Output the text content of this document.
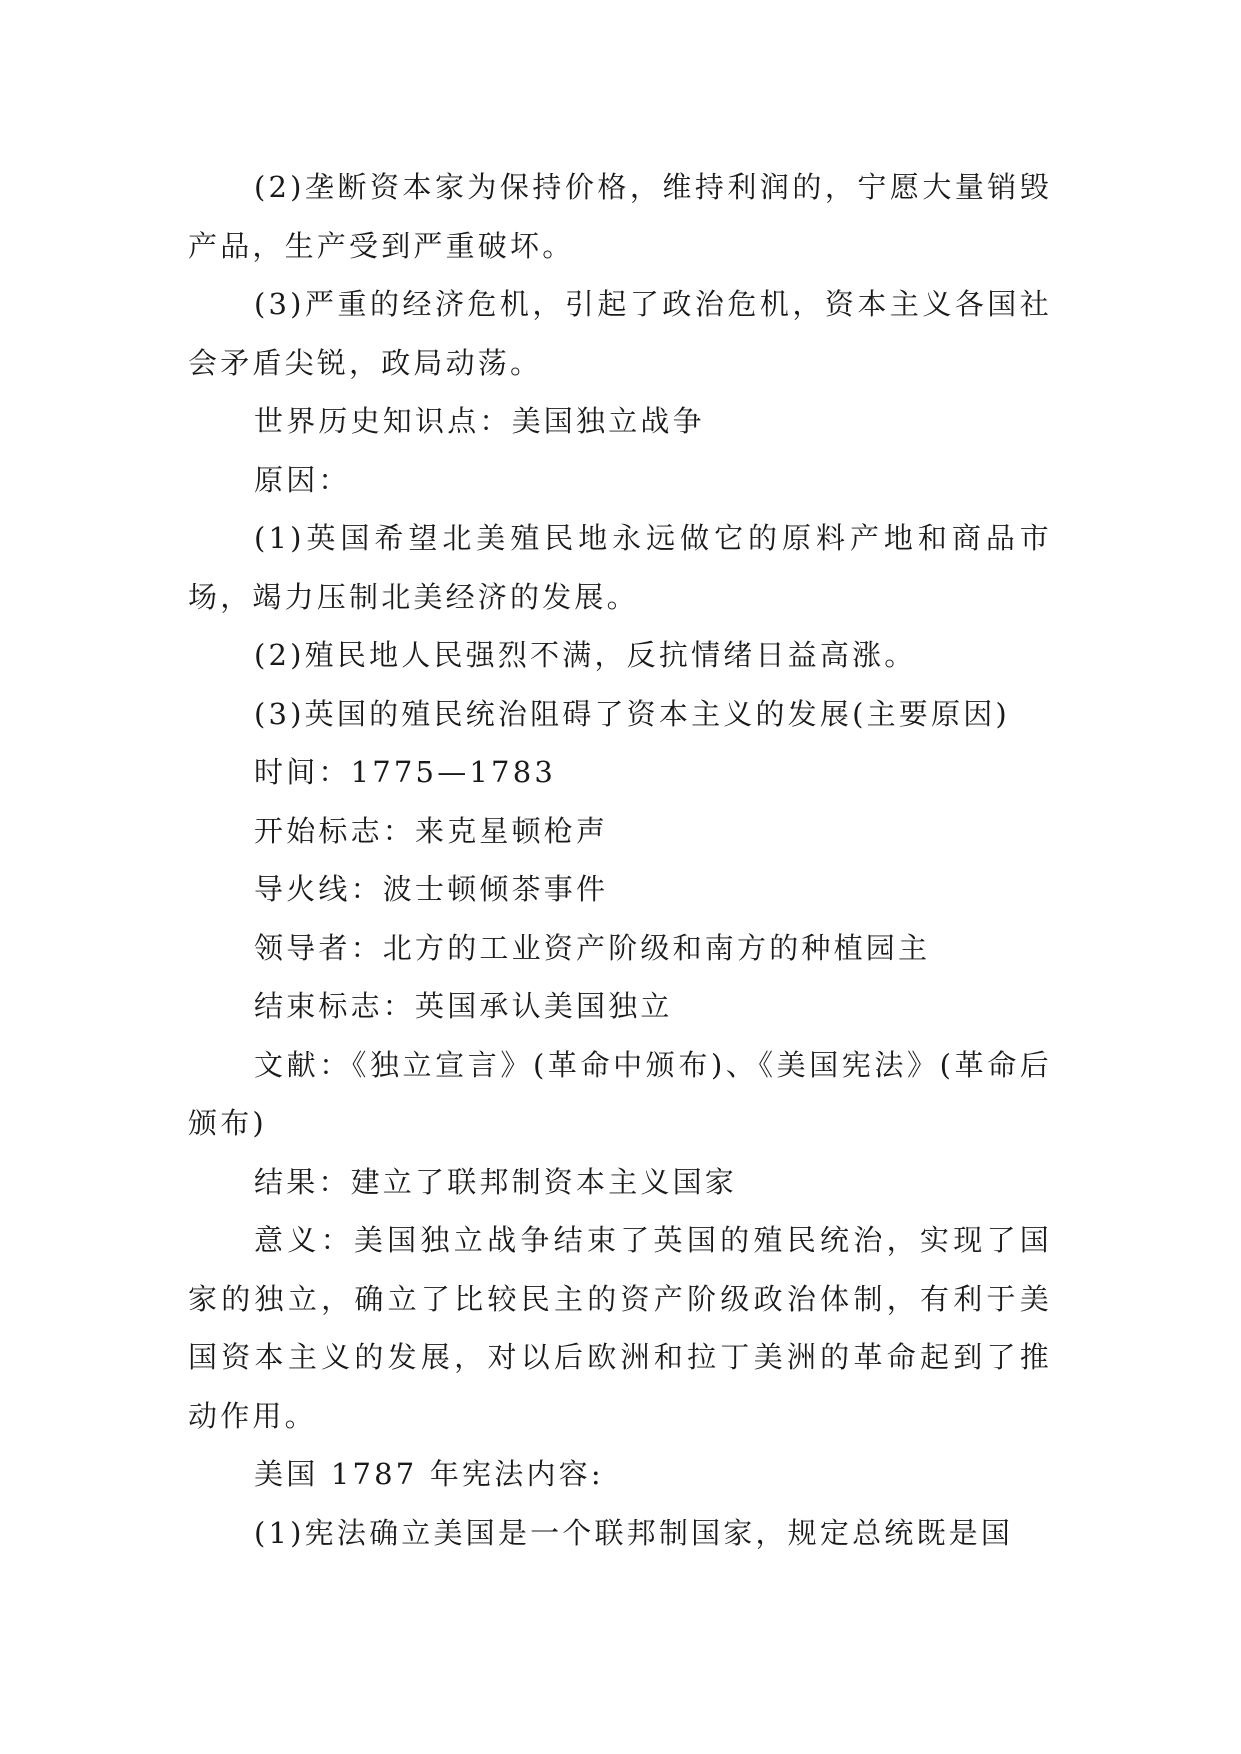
(2)垄断资本家为保持价格，维持利润的，宁愿大量销毁产品，生产受到严重破坏。

(3)严重的经济危机，引起了政治危机，资本主义各国社会矛盾尖锐，政局动荡。

世界历史知识点：美国独立战争

原因：

(1)英国希望北美殖民地永远做它的原料产地和商品市场，竭力压制北美经济的发展。

(2)殖民地人民强烈不满，反抗情绪日益高涨。

(3)英国的殖民统治阻碍了资本主义的发展(主要原因)

时间：1775—1783

开始标志：来克星顿枪声

导火线：波士顿倾茶事件

领导者：北方的工业资产阶级和南方的种植园主

结束标志：英国承认美国独立

文献：《独立宣言》(革命中颁布)、《美国宪法》(革命后颁布)

结果：建立了联邦制资本主义国家

意义：美国独立战争结束了英国的殖民统治，实现了国家的独立，确立了比较民主的资产阶级政治体制，有利于美国资本主义的发展，对以后欧洲和拉丁美洲的革命起到了推动作用。

美国 1787 年宪法内容:

(1)宪法确立美国是一个联邦制国家，规定总统既是国
